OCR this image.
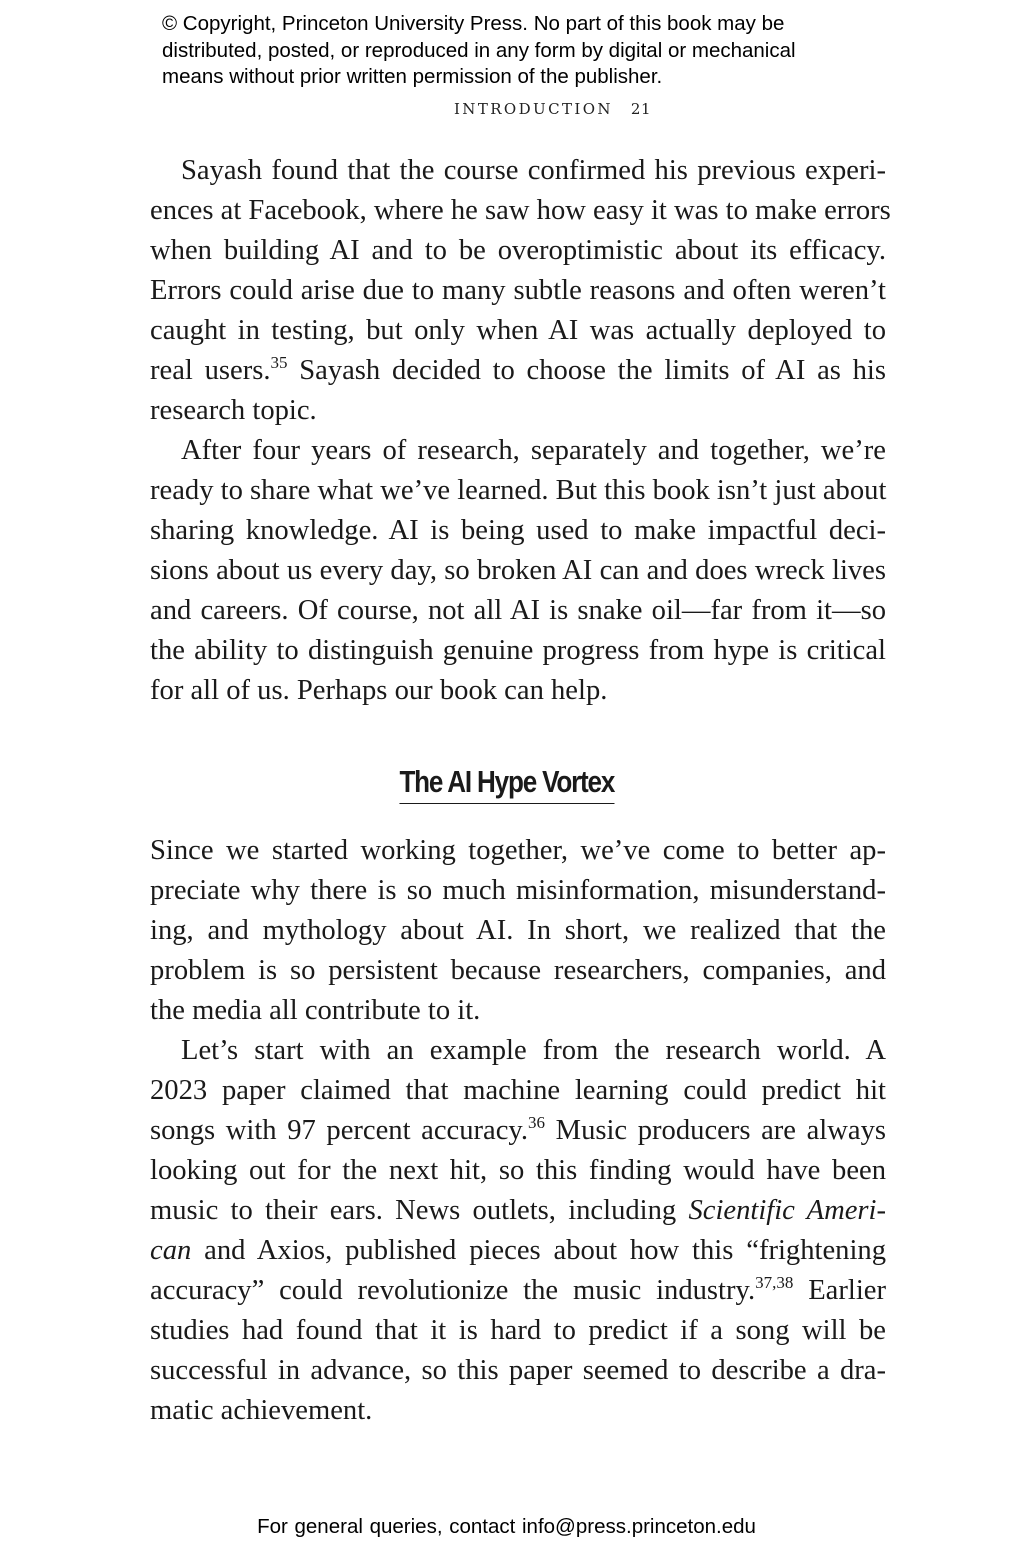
© Copyright, Princeton University Press. No part of this book may be
distributed, posted, or reproduced in any form by digital or mechanical
means without prior written permission of the publisher.
INTRODUCTION 21
Sayash found that the course confirmed his previous experi-
ences at Facebook, where he saw how easy it was to make errors
when building AI and to be overoptimistic about its efficacy.
Errors could arise due to many subtle reasons and often weren’t
caught in testing, but only when AI was actually deployed to
real users.$^{35}$ Sayash decided to choose the limits of AI as his
research topic.
After four years of research, separately and together, we’re
ready to share what we’ve learned. But this book isn’t just about
sharing knowledge. AI is being used to make impactful deci-
sions about us every day, so broken AI can and does wreck lives
and careers. Of course, not all AI is snake oil—far from it—so
the ability to distinguish genuine progress from hype is critical
for all of us. Perhaps our book can help.
The AI Hype Vortex
Since we started working together, we’ve come to better ap-
preciate why there is so much misinformation, misunderstand-
ing, and mythology about AI. In short, we realized that the
problem is so persistent because researchers, companies, and
the media all contribute to it.
Let’s start with an example from the research world. A
2023 paper claimed that machine learning could predict hit
songs with 97 percent accuracy.$^{36}$ Music producers are always
looking out for the next hit, so this finding would have been
music to their ears. News outlets, including Scientific Ameri-
can and Axios, published pieces about how this “frightening
accuracy” could revolutionize the music industry.$^{37,38}$ Earlier
studies had found that it is hard to predict if a song will be
successful in advance, so this paper seemed to describe a dra-
matic achievement.
For general queries, contact info@press.princeton.edu
